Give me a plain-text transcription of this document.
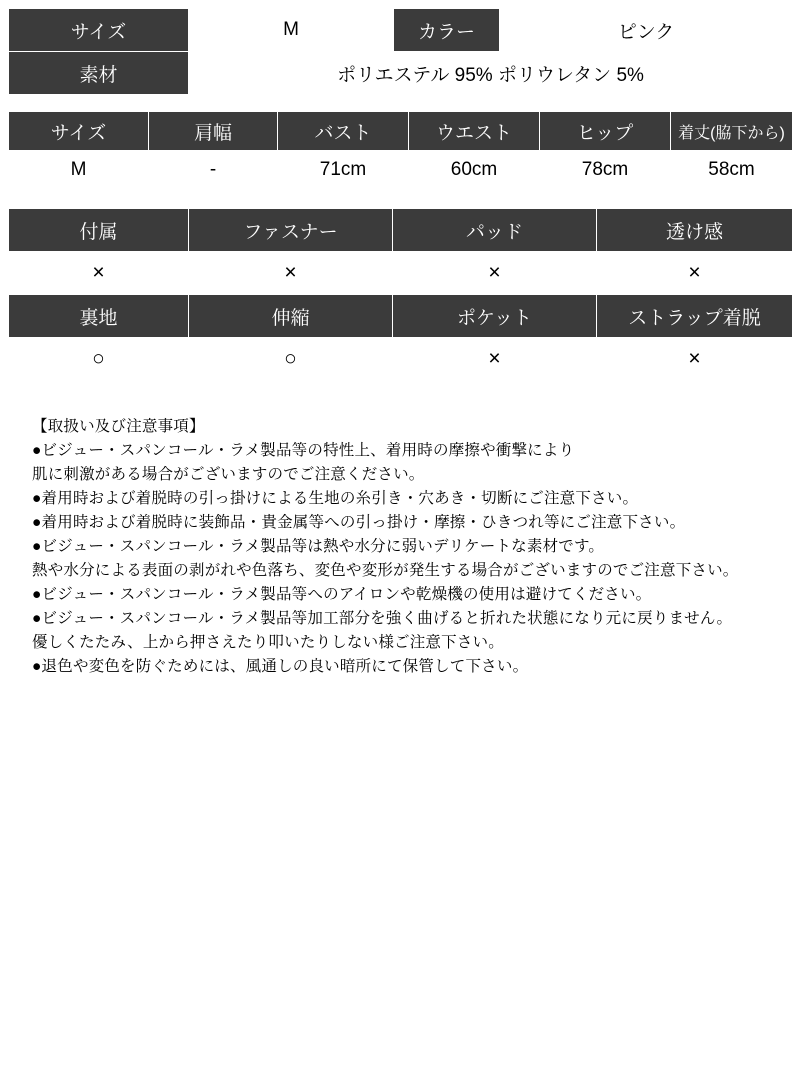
サイズ	M	カラー	ピンク
素材	ポリエステル 95% ポリウレタン 5%		
サイズ	肩幅	バスト	ウエスト	ヒップ	着丈(脇下から)
M	-	71cm	60cm	78cm	58cm
付属	ファスナー	パッド	透け感
×	×	×	×
裏地	伸縮	ポケット	ストラップ着脱
○	○	×	×
【取扱い及び注意事項】
●ビジュー・スパンコール・ラメ製品等の特性上、着用時の摩擦や衝撃により
肌に刺激がある場合がございますのでご注意ください。
●着用時および着脱時の引っ掛けによる生地の糸引き・穴あき・切断にご注意下さい。
●着用時および着脱時に装飾品・貴金属等への引っ掛け・摩擦・ひきつれ等にご注意下さい。
●ビジュー・スパンコール・ラメ製品等は熱や水分に弱いデリケートな素材です。
熱や水分による表面の剥がれや色落ち、変色や変形が発生する場合がございますのでご注意下さい。
●ビジュー・スパンコール・ラメ製品等へのアイロンや乾燥機の使用は避けてください。
●ビジュー・スパンコール・ラメ製品等加工部分を強く曲げると折れた状態になり元に戻りません。
優しくたたみ、上から押さえたり叩いたりしない様ご注意下さい。
●退色や変色を防ぐためには、風通しの良い暗所にて保管して下さい。
